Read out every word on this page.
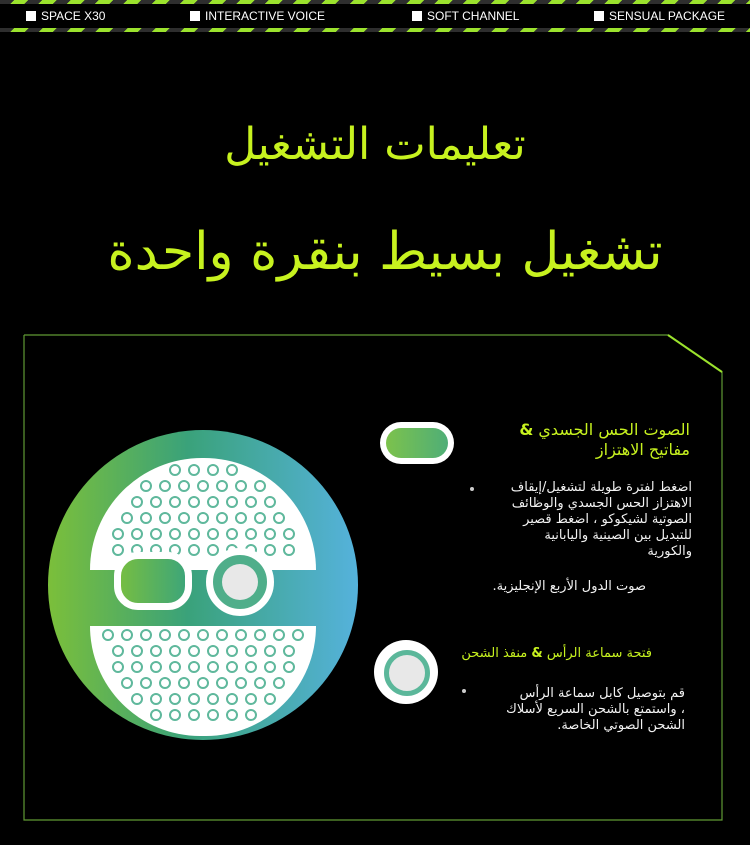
SPACE X30	INTERACTIVE VOICE	SOFT CHANNEL	SENSUAL PACKAGE
تعليمات التشغيل
تشغيل بسيط بنقرة واحدة
الصوت الحس الجسدي &
مفاتيح الاهتزاز
اضغط لفترة طويلة لتشغيل/إيقاف
الاهتزاز الحس الجسدي والوظائف
الصوتية لشيكوكو ، اضغط قصير
للتبديل بين الصينية واليابانية
والكورية
صوت الدول الأربع الإنجليزية.
فتحة سماعة الرأس & منفذ الشحن
قم بتوصيل كابل سماعة الرأس
، واستمتع بالشحن السريع لأسلاك
الشحن الصوتي الخاصة.
